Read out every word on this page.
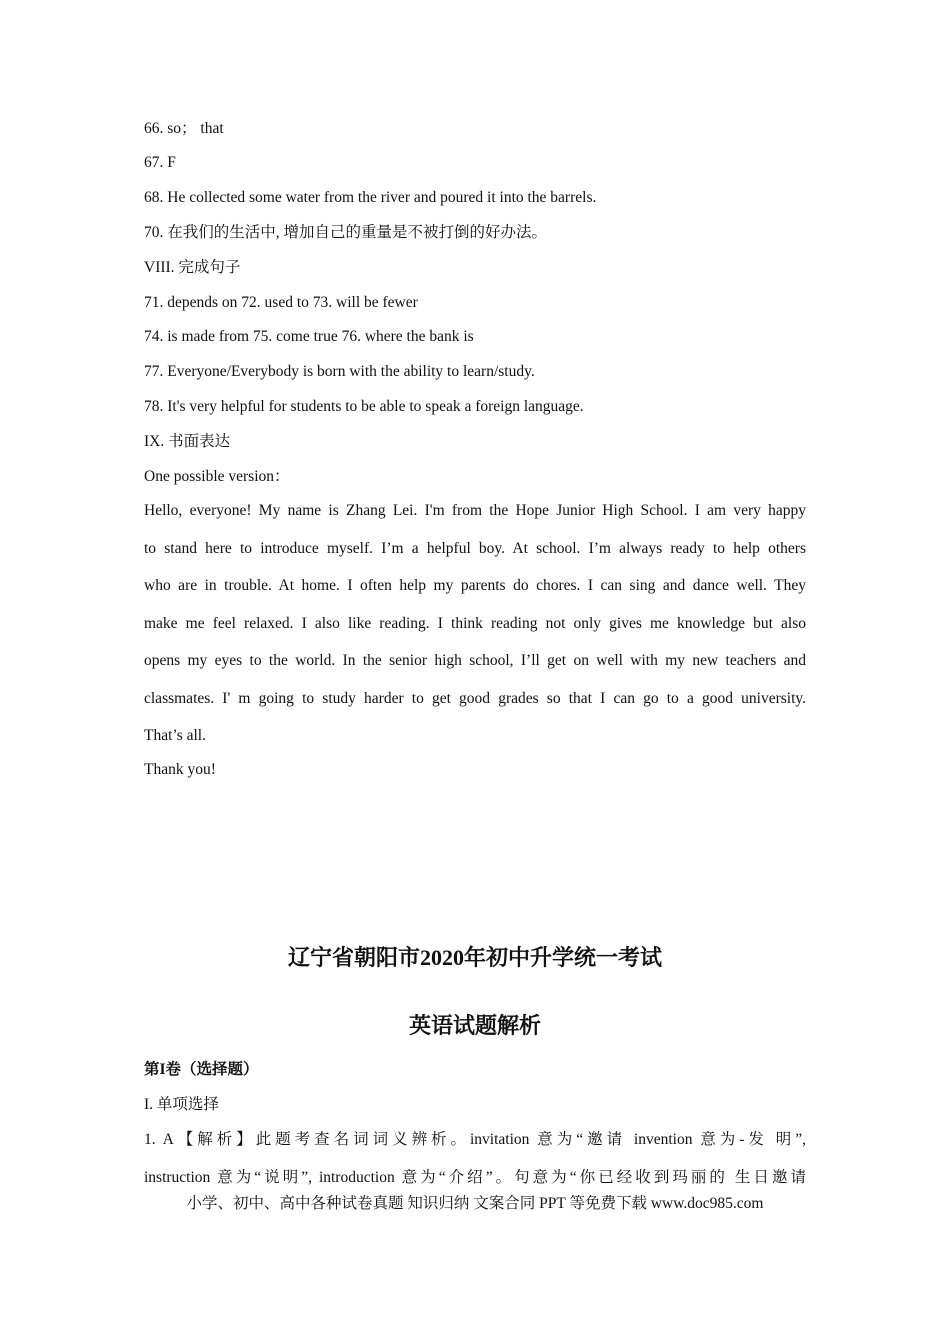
66. so； that
67. F
68. He collected some water from the river and poured it into the barrels.
70. 在我们的生活中, 增加自己的重量是不被打倒的好办法。
VIII. 完成句子
71. depends on 72. used to 73. will be fewer
74. is made from 75. come true 76. where the bank is
77. Everyone/Everybody is born with the ability to learn/study.
78. It's very helpful for students to be able to speak a foreign language.
IX. 书面表达
One possible version：
Hello, everyone! My name is Zhang Lei. I'm from the Hope Junior High School. I am very happy
to stand here to introduce myself. I’m a helpful boy. At school. I’m always ready to help others
who are in trouble. At home. I often help my parents do chores. I can sing and dance well. They
make me feel relaxed. I also like reading. I think reading not only gives me knowledge but also
opens my eyes to the world. In the senior high school, I’ll get on well with my new teachers and
classmates. I' m going to study harder to get good grades so that I can go to a good university.
That’s all.
Thank you!
辽宁省朝阳市2020年初中升学统一考试
英语试题解析
第I卷（选择题）
I. 单项选择
1. A【解析】此题考查名词词义辨析。invitation 意为“邀请 invention 意为-发 明”,
instruction 意为“说明”, introduction 意为“介绍”。句意为“你已经收到玛丽的 生日邀请
小学、初中、高中各种试卷真题 知识归纳 文案合同 PPT 等免费下载 www.doc985.com
